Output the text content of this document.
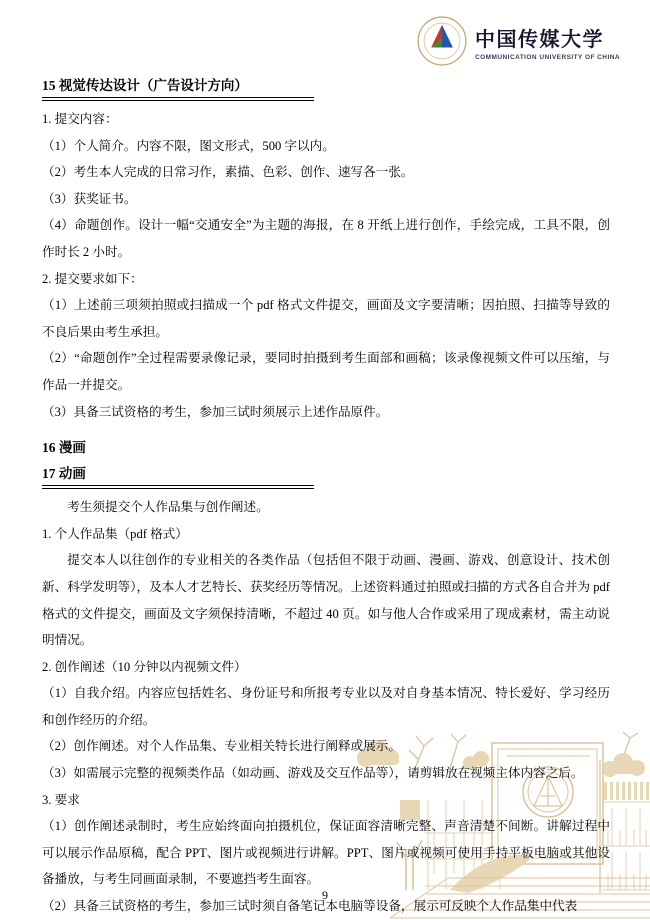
中国传媒大学
COMMUNICATION UNIVERSITY OF CHINA
15 视觉传达设计（广告设计方向）

1. 提交内容：

（1）个人简介。内容不限，图文形式，500 字以内。

（2）考生本人完成的日常习作，素描、色彩、创作、速写各一张。

（3）获奖证书。

（4）命题创作。设计一幅“交通安全”为主题的海报，在 8 开纸上进行创作，手绘完成，工具不限，创作时长 2 小时。

2. 提交要求如下：

（1）上述前三项须拍照或扫描成一个 pdf 格式文件提交，画面及文字要清晰；因拍照、扫描等导致的不良后果由考生承担。

（2）“命题创作”全过程需要录像记录，要同时拍摄到考生面部和画稿；该录像视频文件可以压缩，与作品一并提交。

（3）具备三试资格的考生，参加三试时须展示上述作品原件。

16 漫画
17 动画

考生须提交个人作品集与创作阐述。

1. 个人作品集（pdf 格式）

提交本人以往创作的专业相关的各类作品（包括但不限于动画、漫画、游戏、创意设计、技术创新、科学发明等），及本人才艺特长、获奖经历等情况。上述资料通过拍照或扫描的方式各自合并为 pdf 格式的文件提交，画面及文字须保持清晰，不超过 40 页。如与他人合作或采用了现成素材，需主动说明情况。

2. 创作阐述（10 分钟以内视频文件）

（1）自我介绍。内容应包括姓名、身份证号和所报考专业以及对自身基本情况、特长爱好、学习经历和创作经历的介绍。

（2）创作阐述。对个人作品集、专业相关特长进行阐释或展示。

（3）如需展示完整的视频类作品（如动画、游戏及交互作品等），请剪辑放在视频主体内容之后。

3. 要求

（1）创作阐述录制时，考生应始终面向拍摄机位，保证面容清晰完整、声音清楚不间断。讲解过程中可以展示作品原稿，配合 PPT、图片或视频进行讲解。PPT、图片或视频可使用手持平板电脑或其他设备播放，与考生同画面录制，不要遮挡考生面容。

（2）具备三试资格的考生，参加三试时须自备笔记本电脑等设备，展示可反映个人作品集中代表

9
